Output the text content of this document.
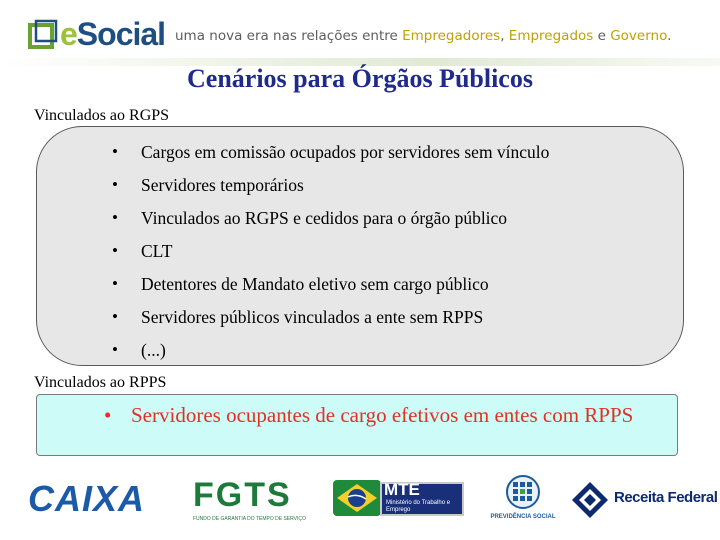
eSocial uma nova era nas relações entre Empregadores, Empregados e Governo.
Cenários para Órgãos Públicos
Vinculados ao RGPS
• Cargos em comissão ocupados por servidores sem vínculo
• Servidores temporários
• Vinculados ao RGPS e cedidos para o órgão público
• CLT
• Detentores de Mandato eletivo sem cargo público
• Servidores públicos vinculados a ente sem RPPS
• (...)
Vinculados ao RPPS
• Servidores ocupantes de cargo efetivos em entes com RPPS
CAIXA FGTS
FUNDO DE GARANTIA DO TEMPO DE SERVIÇO
MTE
Ministério do Trabalho e Emprego
PREVIDÊNCIA SOCIAL
Receita Federal
